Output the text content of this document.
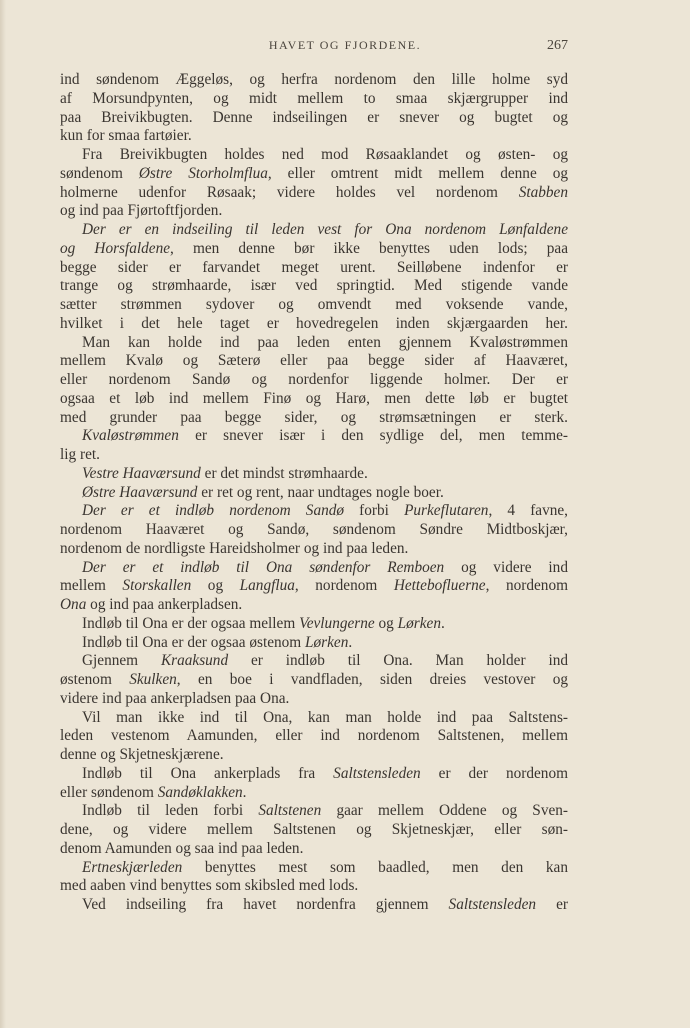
HAVET OG FJORDENE.	267
ind søndenom Æggeløs, og herfra nordenom den lille holme syd
af Morsundpynten, og midt mellem to smaa skjærgrupper ind
paa Breivikbugten. Denne indseilingen er snever og bugtet og
kun for smaa fartøier.
Fra Breivikbugten holdes ned mod Røsaaklandet og østen- og
søndenom Østre Storholmflua, eller omtrent midt mellem denne og
holmerne udenfor Røsaak; videre holdes vel nordenom Stabben
og ind paa Fjørtoftfjorden.
Der er en indseiling til leden vest for Ona nordenom Lønfaldene
og Horsfaldene, men denne bør ikke benyttes uden lods; paa
begge sider er farvandet meget urent. Seilløbene indenfor er
trange og strømhaarde, især ved springtid. Med stigende vande
sætter strømmen sydover og omvendt med voksende vande,
hvilket i det hele taget er hovedregelen inden skjærgaarden her.
Man kan holde ind paa leden enten gjennem Kvaløstrømmen
mellem Kvalø og Sæterø eller paa begge sider af Haaværet,
eller nordenom Sandø og nordenfor liggende holmer. Der er
ogsaa et løb ind mellem Finø og Harø, men dette løb er bugtet
med grunder paa begge sider, og strømsætningen er sterk.
Kvaløstrømmen er snever især i den sydlige del, men temme-
lig ret.
Vestre Haaværsund er det mindst strømhaarde.
Østre Haaværsund er ret og rent, naar undtages nogle boer.
Der er et indløb nordenom Sandø forbi Purkeflutaren, 4 favne,
nordenom Haaværet og Sandø, søndenom Søndre Midtboskjær,
nordenom de nordligste Hareidsholmer og ind paa leden.
Der er et indløb til Ona søndenfor Remboen og videre ind
mellem Storskallen og Langflua, nordenom Hettebofluerne, nordenom
Ona og ind paa ankerpladsen.
Indløb til Ona er der ogsaa mellem Vevlungerne og Lørken.
Indløb til Ona er der ogsaa østenom Lørken.
Gjennem Kraaksund er indløb til Ona. Man holder ind
østenom Skulken, en boe i vandfladen, siden dreies vestover og
videre ind paa ankerpladsen paa Ona.
Vil man ikke ind til Ona, kan man holde ind paa Saltstens-
leden vestenom Aamunden, eller ind nordenom Saltstenen, mellem
denne og Skjetneskjærene.
Indløb til Ona ankerplads fra Saltstensleden er der nordenom
eller søndenom Sandøklakken.
Indløb til leden forbi Saltstenen gaar mellem Oddene og Sven-
dene, og videre mellem Saltstenen og Skjetneskjær, eller søn-
denom Aamunden og saa ind paa leden.
Ertneskjærleden benyttes mest som baadled, men den kan
med aaben vind benyttes som skibsled med lods.
Ved indseiling fra havet nordenfra gjennem Saltstensleden er
